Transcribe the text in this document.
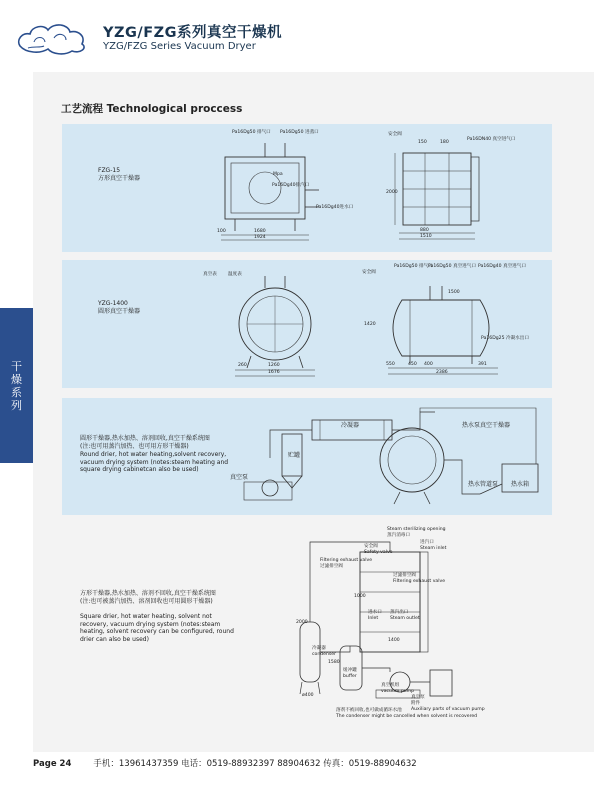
YZG/FZG系列真空干燥机
YZG/FZG Series Vacuum Dryer
干
燥
系
列
工艺流程 Technological proccess
FZG-15
方形真空干燥器
Pa16Dg50 排气口 Pa16Dg50 进蒸口
Pa16Dg40排汽口
Pa16Dg40进水口
Mpa
1680
1924
100
安全阀
Pa16DN40 真空进气口
150	180
2000
880
1510
YZG-1400
圆形真空干燥器
真空表 温度表
260	1260
1676
安全阀
Pa16Dg50 排气口
Pa16Dg50 真空进气口 Pa16Dg40 真空进气口
Pa16Dg25 冷凝水出口
1420
550	450 400	391
2386
1500
圆形干燥器,热水加热、溶剂回收,真空干燥系统图
(注:也可用蒸汽加热、也可用方形干燥器)
Round drier, hot water heating,solvent recovery, vacuum drying system (notes:steam heating and square drying cabinetcan also be used)
冷凝器
贮罐
真空泵
热水泵真空干燥器
热水管道泵 热水箱
方形干燥器,热水加热、溶剂不回收,真空干燥系统图
(注:也可被蒸汽加热、溶剂回收也可用圆形干燥器)
Square drier, hot water heating, solvent not recovery, vacuum drying system (notes:steam heating, solvent recovery can be configured, round drier can also be used)
Steam sterilizing opening
蒸汽消毒口
进汽口
Steam inlet
安全阀
Safety valve
Filtering exhaust valve
过滤排空阀
过滤排空阀
Filtering exhaust valve
进水口
Inlet
蒸汽出口
Steam outlet
冷凝器
condenser
缓冲罐
buffer
真空机组
vacuum pump
真空泵
附件
Auxiliary parts of vacuum pump
溶剂不被回收,也可做成循环水池
The condenser might be cancelled when solvent is recovered
1400
1580
ø400
1000
2000
Page 24	手机：13961437359 电话：0519-88932397 88904632 传真：0519-88904632
